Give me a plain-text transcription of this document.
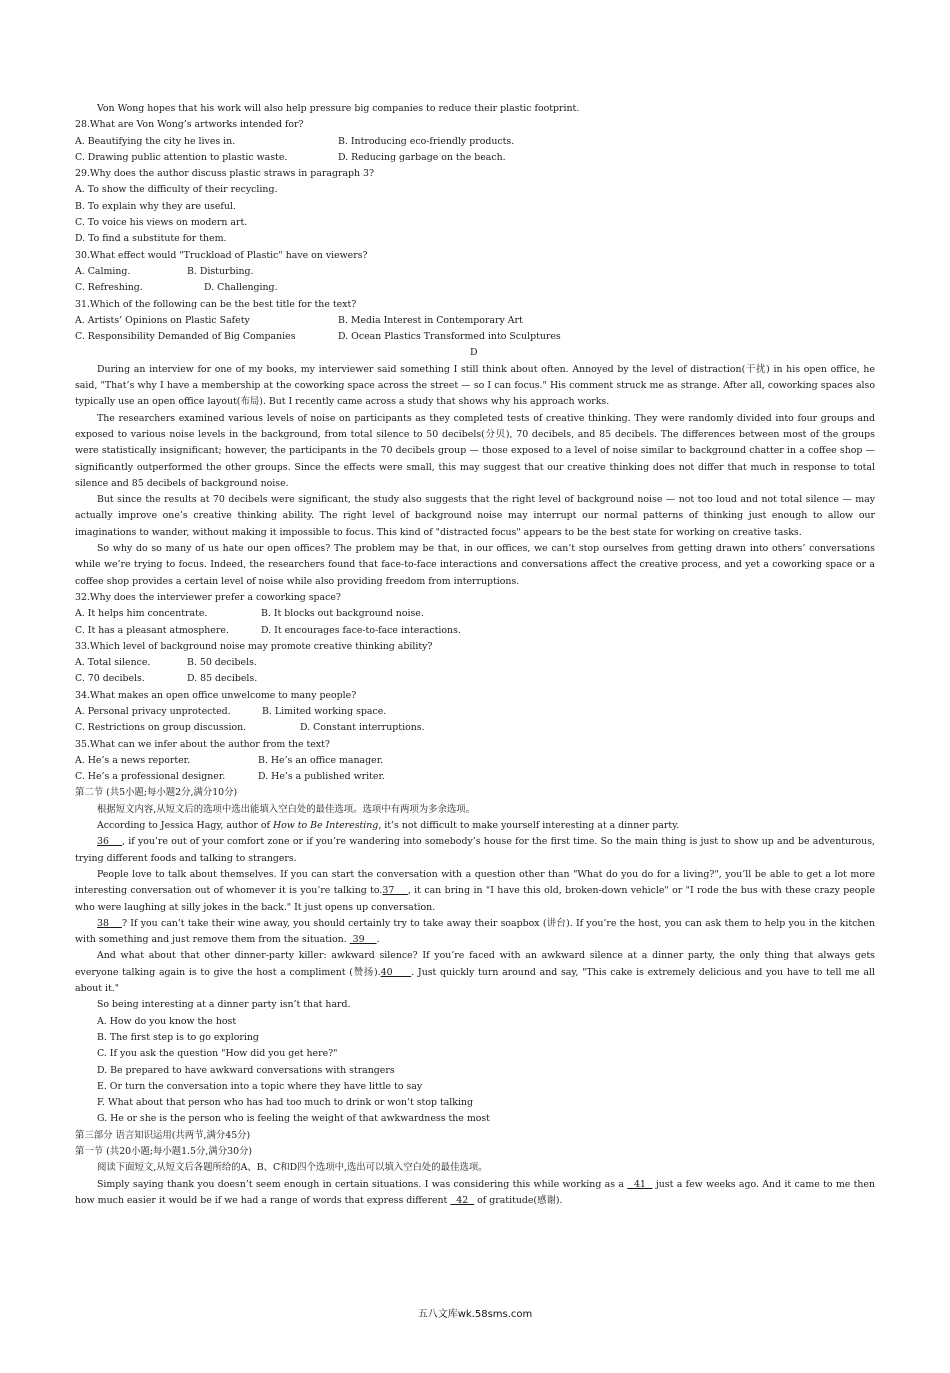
Von Wong hopes that his work will also help pressure big companies to reduce their plastic footprint.
28.What are Von Wong’s artworks intended for?
A. Beautifying the city he lives in.	B. Introducing eco-friendly products.
C. Drawing public attention to plastic waste.	D. Reducing garbage on the beach.
29.Why does the author discuss plastic straws in paragraph 3?
A. To show the difficulty of their recycling.
B. To explain why they are useful.
C. To voice his views on modern art.
D. To find a substitute for them.
30.What effect would "Truckload of Plastic" have on viewers?
A. Calming.	B. Disturbing.
C. Refreshing.	D. Challenging.
31.Which of the following can be the best title for the text?
A. Artists’ Opinions on Plastic Safety	B. Media Interest in Contemporary Art
C. Responsibility Demanded of Big Companies	D. Ocean Plastics Transformed into Sculptures
D
During an interview for one of my books, my interviewer said something I still think about often. Annoyed by the level of distraction(干扰) in his open office, he said, "That’s why I have a membership at the coworking space across the street — so I can focus." His comment struck me as strange. After all, coworking spaces also typically use an open office layout(布局). But I recently came across a study that shows why his approach works.
The researchers examined various levels of noise on participants as they completed tests of creative thinking. They were randomly divided into four groups and exposed to various noise levels in the background, from total silence to 50 decibels(分贝), 70 decibels, and 85 decibels. The differences between most of the groups were statistically insignificant; however, the participants in the 70 decibels group — those exposed to a level of noise similar to background chatter in a coffee shop — significantly outperformed the other groups. Since the effects were small, this may suggest that our creative thinking does not differ that much in response to total silence and 85 decibels of background noise.
But since the results at 70 decibels were significant, the study also suggests that the right level of background noise — not too loud and not total silence — may actually improve one’s creative thinking ability. The right level of background noise may interrupt our normal patterns of thinking just enough to allow our imaginations to wander, without making it impossible to focus. This kind of "distracted focus" appears to be the best state for working on creative tasks.
So why do so many of us hate our open offices? The problem may be that, in our offices, we can’t stop ourselves from getting drawn into others’ conversations while we’re trying to focus. Indeed, the researchers found that face-to-face interactions and conversations affect the creative process, and yet a coworking space or a coffee shop provides a certain level of noise while also providing freedom from interruptions.
32.Why does the interviewer prefer a coworking space?
A. It helps him concentrate.	B. It blocks out background noise.
C. It has a pleasant atmosphere.	D. It encourages face-to-face interactions.
33.Which level of background noise may promote creative thinking ability?
A. Total silence.	B. 50 decibels.
C. 70 decibels.	D. 85 decibels.
34.What makes an open office unwelcome to many people?
A. Personal privacy unprotected.	B. Limited working space.
C. Restrictions on group discussion.	D. Constant interruptions.
35.What can we infer about the author from the text?
A. He’s a news reporter.	B. He’s an office manager.
C. He’s a professional designer.	D. He’s a published writer.
第二节 (共5小题;每小题2分,满分10分)
根据短文内容,从短文后的选项中选出能填入空白处的最佳选项。选项中有两项为多余选项。
According to Jessica Hagy, author of How to Be Interesting, it’s not difficult to make yourself interesting at a dinner party.
36    , if you’re out of your comfort zone or if you’re wandering into somebody’s house for the first time. So the main thing is just to show up and be adventurous, trying different foods and talking to strangers.
People love to talk about themselves. If you can start the conversation with a question other than "What do you do for a living?", you’ll be able to get a lot more interesting conversation out of whomever it is you’re talking to.37    , it can bring in "I have this old, broken-down vehicle" or "I rode the bus with these crazy people who were laughing at silly jokes in the back." It just opens up conversation.
38    ? If you can’t take their wine away, you should certainly try to take away their soapbox (讲台). If you’re the host, you can ask them to help you in the kitchen with something and just remove them from the situation.  39    .
And what about that other dinner-party killer: awkward silence? If you’re faced with an awkward silence at a dinner party, the only thing that always gets everyone talking again is to give the host a compliment (赞扬).40     . Just quickly turn around and say, "This cake is extremely delicious and you have to tell me all about it."
So being interesting at a dinner party isn’t that hard.
A. How do you know the host
B. The first step is to go exploring
C. If you ask the question "How did you get here?"
D. Be prepared to have awkward conversations with strangers
E. Or turn the conversation into a topic where they have little to say
F. What about that person who has had too much to drink or won’t stop talking
G. He or she is the person who is feeling the weight of that awkwardness the most
第三部分 语言知识运用(共两节,满分45分)
第一节 (共20小题;每小题1.5分,满分30分)
阅读下面短文,从短文后各题所给的A、B、C和D四个选项中,选出可以填入空白处的最佳选项。
Simply saying thank you doesn’t seem enough in certain situations. I was considering this while working as a   41   just a few weeks ago. And it came to me then how much easier it would be if we had a range of words that express different   42   of gratitude(感谢).
五八文库wk.58sms.com
